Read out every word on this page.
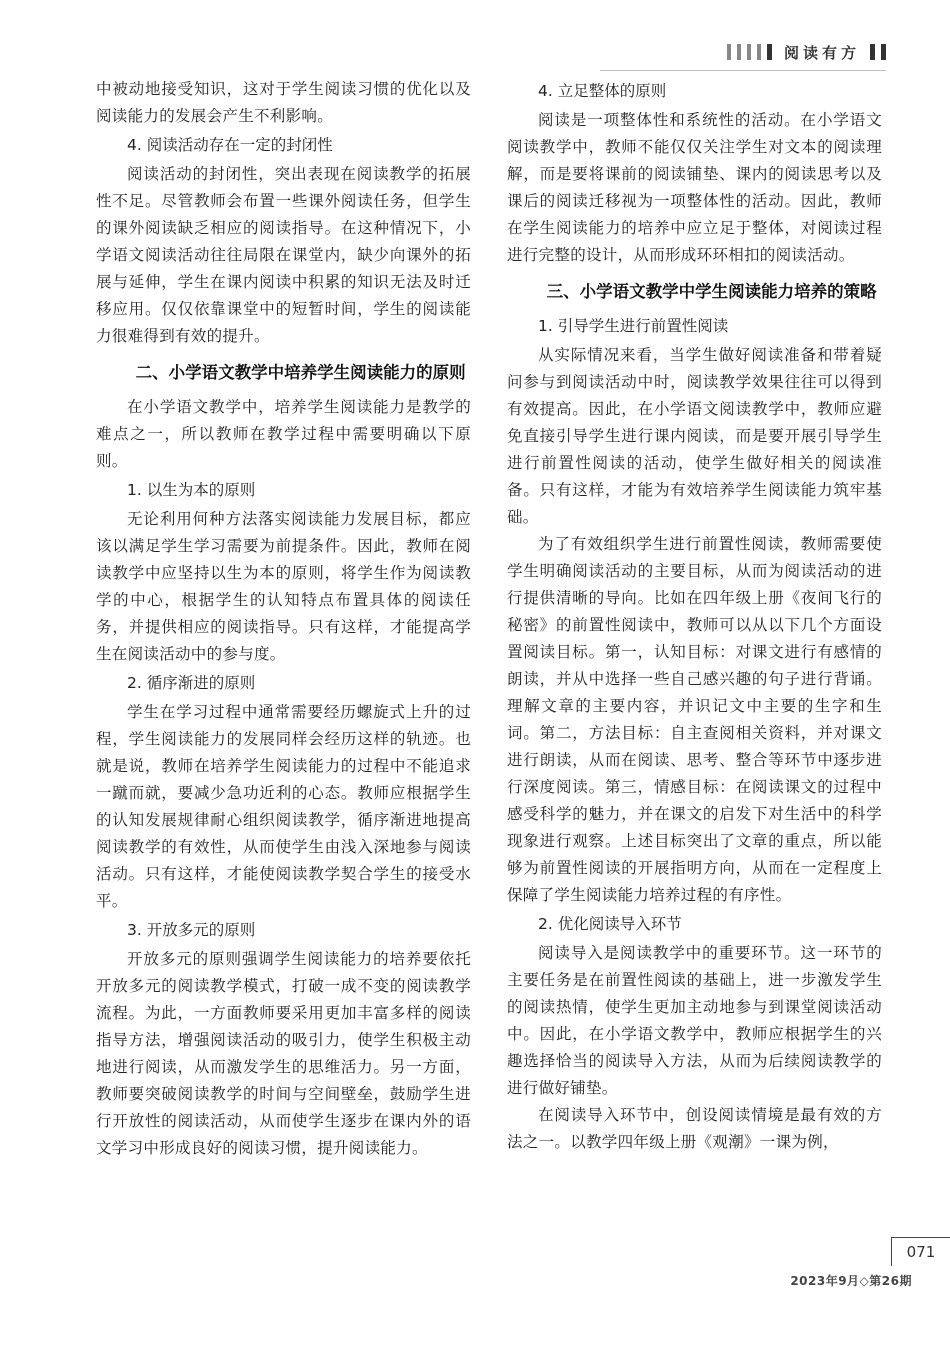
阅读有方

中被动地接受知识，这对于学生阅读习惯的优化以及阅读能力的发展会产生不利影响。

4. 阅读活动存在一定的封闭性

阅读活动的封闭性，突出表现在阅读教学的拓展性不足。尽管教师会布置一些课外阅读任务，但学生的课外阅读缺乏相应的阅读指导。在这种情况下，小学语文阅读活动往往局限在课堂内，缺少向课外的拓展与延伸，学生在课内阅读中积累的知识无法及时迁移应用。仅仅依靠课堂中的短暂时间，学生的阅读能力很难得到有效的提升。

二、小学语文教学中培养学生阅读能力的原则

在小学语文教学中，培养学生阅读能力是教学的难点之一，所以教师在教学过程中需要明确以下原则。

1. 以生为本的原则

无论利用何种方法落实阅读能力发展目标，都应该以满足学生学习需要为前提条件。因此，教师在阅读教学中应坚持以生为本的原则，将学生作为阅读教学的中心，根据学生的认知特点布置具体的阅读任务，并提供相应的阅读指导。只有这样，才能提高学生在阅读活动中的参与度。

2. 循序渐进的原则

学生在学习过程中通常需要经历螺旋式上升的过程，学生阅读能力的发展同样会经历这样的轨迹。也就是说，教师在培养学生阅读能力的过程中不能追求一蹴而就，要减少急功近利的心态。教师应根据学生的认知发展规律耐心组织阅读教学，循序渐进地提高阅读教学的有效性，从而使学生由浅入深地参与阅读活动。只有这样，才能使阅读教学契合学生的接受水平。

3. 开放多元的原则

开放多元的原则强调学生阅读能力的培养要依托开放多元的阅读教学模式，打破一成不变的阅读教学流程。为此，一方面教师要采用更加丰富多样的阅读指导方法，增强阅读活动的吸引力，使学生积极主动地进行阅读，从而激发学生的思维活力。另一方面，教师要突破阅读教学的时间与空间壁垒，鼓励学生进行开放性的阅读活动，从而使学生逐步在课内外的语文学习中形成良好的阅读习惯，提升阅读能力。

4. 立足整体的原则

阅读是一项整体性和系统性的活动。在小学语文阅读教学中，教师不能仅仅关注学生对文本的阅读理解，而是要将课前的阅读铺垫、课内的阅读思考以及课后的阅读迁移视为一项整体性的活动。因此，教师在学生阅读能力的培养中应立足于整体，对阅读过程进行完整的设计，从而形成环环相扣的阅读活动。

三、小学语文教学中学生阅读能力培养的策略
1. 引导学生进行前置性阅读

从实际情况来看，当学生做好阅读准备和带着疑问参与到阅读活动中时，阅读教学效果往往可以得到有效提高。因此，在小学语文阅读教学中，教师应避免直接引导学生进行课内阅读，而是要开展引导学生进行前置性阅读的活动，使学生做好相关的阅读准备。只有这样，才能为有效培养学生阅读能力筑牢基础。

为了有效组织学生进行前置性阅读，教师需要使学生明确阅读活动的主要目标，从而为阅读活动的进行提供清晰的导向。比如在四年级上册《夜间飞行的秘密》的前置性阅读中，教师可以从以下几个方面设置阅读目标。第一，认知目标：对课文进行有感情的朗读，并从中选择一些自己感兴趣的句子进行背诵。理解文章的主要内容，并识记文中主要的生字和生词。第二，方法目标：自主查阅相关资料，并对课文进行朗读，从而在阅读、思考、整合等环节中逐步进行深度阅读。第三，情感目标：在阅读课文的过程中感受科学的魅力，并在课文的启发下对生活中的科学现象进行观察。上述目标突出了文章的重点，所以能够为前置性阅读的开展指明方向，从而在一定程度上保障了学生阅读能力培养过程的有序性。

2. 优化阅读导入环节

阅读导入是阅读教学中的重要环节。这一环节的主要任务是在前置性阅读的基础上，进一步激发学生的阅读热情，使学生更加主动地参与到课堂阅读活动中。因此，在小学语文教学中，教师应根据学生的兴趣选择恰当的阅读导入方法，从而为后续阅读教学的进行做好铺垫。

在阅读导入环节中，创设阅读情境是最有效的方法之一。以教学四年级上册《观潮》一课为例，

071
2023年9月◇第26期
